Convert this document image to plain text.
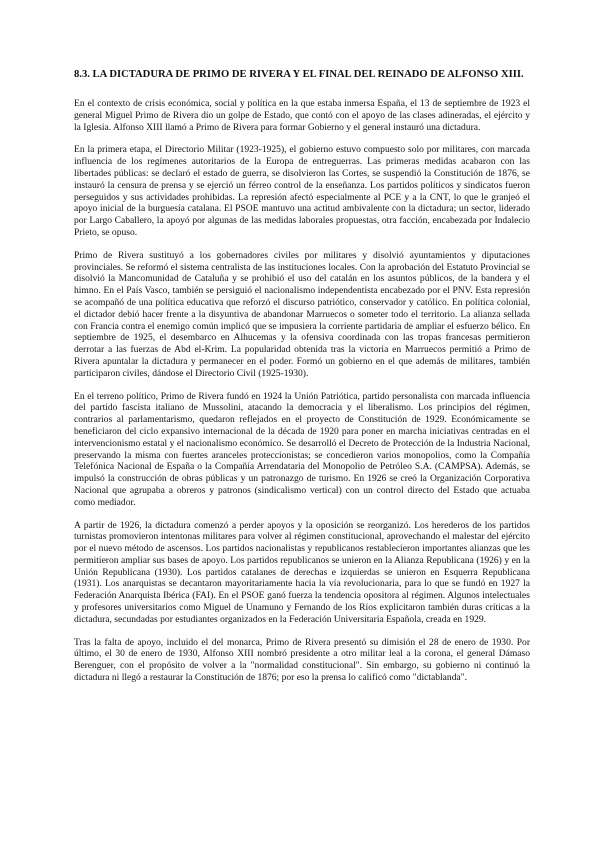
8.3. LA DICTADURA DE PRIMO DE RIVERA Y EL FINAL DEL REINADO DE ALFONSO XIII.

En el contexto de crisis económica, social y política en la que estaba inmersa España, el 13 de septiembre de 1923 el general Miguel Primo de Rivera dio un golpe de Estado, que contó con el apoyo de las clases adineradas, el ejército y la Iglesia. Alfonso XIII llamó a Primo de Rivera para formar Gobierno y el general instauró una dictadura.

En la primera etapa, el Directorio Militar (1923-1925), el gobierno estuvo compuesto solo por militares, con marcada influencia de los regímenes autoritarios de la Europa de entreguerras. Las primeras medidas acabaron con las libertades públicas: se declaró el estado de guerra, se disolvieron las Cortes, se suspendió la Constitución de 1876, se instauró la censura de prensa y se ejerció un férreo control de la enseñanza. Los partidos políticos y sindicatos fueron perseguidos y sus actividades prohibidas. La represión afectó especialmente al PCE y a la CNT, lo que le granjeó el apoyo inicial de la burguesía catalana. El PSOE mantuvo una actitud ambivalente con la dictadura; un sector, liderado por Largo Caballero, la apoyó por algunas de las medidas laborales propuestas, otra facción, encabezada por Indalecio Prieto, se opuso.

Primo de Rivera sustituyó a los gobernadores civiles por militares y disolvió ayuntamientos y diputaciones provinciales. Se reformó el sistema centralista de las instituciones locales. Con la aprobación del Estatuto Provincial se disolvió la Mancomunidad de Cataluña y se prohibió el uso del catalán en los asuntos públicos, de la bandera y el himno. En el País Vasco, también se persiguió el nacionalismo independentista encabezado por el PNV. Esta represión se acompañó de una política educativa que reforzó el discurso patriótico, conservador y católico. En política colonial, el dictador debió hacer frente a la disyuntiva de abandonar Marruecos o someter todo el territorio. La alianza sellada con Francia contra el enemigo común implicó que se impusiera la corriente partidaria de ampliar el esfuerzo bélico. En septiembre de 1925, el desembarco en Alhucemas y la ofensiva coordinada con las tropas francesas permitieron derrotar a las fuerzas de Abd el-Krim. La popularidad obtenida tras la victoria en Marruecos permitió a Primo de Rivera apuntalar la dictadura y permanecer en el poder. Formó un gobierno en el que además de militares, también participaron civiles, dándose el Directorio Civil (1925-1930).

En el terreno político, Primo de Rivera fundó en 1924 la Unión Patriótica, partido personalista con marcada influencia del partido fascista italiano de Mussolini, atacando la democracia y el liberalismo. Los principios del régimen, contrarios al parlamentarismo, quedaron reflejados en el proyecto de Constitución de 1929. Económicamente se beneficiaron del ciclo expansivo internacional de la década de 1920 para poner en marcha iniciativas centradas en el intervencionismo estatal y el nacionalismo económico. Se desarrolló el Decreto de Protección de la Industria Nacional, preservando la misma con fuertes aranceles proteccionistas; se concedieron varios monopolios, como la Compañía Telefónica Nacional de España o la Compañía Arrendataria del Monopolio de Petróleo S.A. (CAMPSA). Además, se impulsó la construcción de obras públicas y un patronazgo de turismo. En 1926 se creó la Organización Corporativa Nacional que agrupaba a obreros y patronos (sindicalismo vertical) con un control directo del Estado que actuaba como mediador.

A partir de 1926, la dictadura comenzó a perder apoyos y la oposición se reorganizó. Los herederos de los partidos turnistas promovieron intentonas militares para volver al régimen constitucional, aprovechando el malestar del ejército por el nuevo método de ascensos. Los partidos nacionalistas y republicanos restablecieron importantes alianzas que les permitieron ampliar sus bases de apoyo. Los partidos republicanos se unieron en la Alianza Republicana (1926) y en la Unión Republicana (1930). Los partidos catalanes de derechas e izquierdas se unieron en Esquerra Republicana (1931). Los anarquistas se decantaron mayoritariamente hacia la vía revolucionaria, para lo que se fundó en 1927 la Federación Anarquista Ibérica (FAI). En el PSOE ganó fuerza la tendencia opositora al régimen. Algunos intelectuales y profesores universitarios como Miguel de Unamuno y Fernando de los Ríos explicitaron también duras críticas a la dictadura, secundadas por estudiantes organizados en la Federación Universitaria Española, creada en 1929.

Tras la falta de apoyo, incluido el del monarca, Primo de Rivera presentó su dimisión el 28 de enero de 1930. Por último, el 30 de enero de 1930, Alfonso XIII nombró presidente a otro militar leal a la corona, el general Dámaso Berenguer, con el propósito de volver a la "normalidad constitucional". Sin embargo, su gobierno ni continuó la dictadura ni llegó a restaurar la Constitución de 1876; por eso la prensa lo calificó como "dictablanda".
